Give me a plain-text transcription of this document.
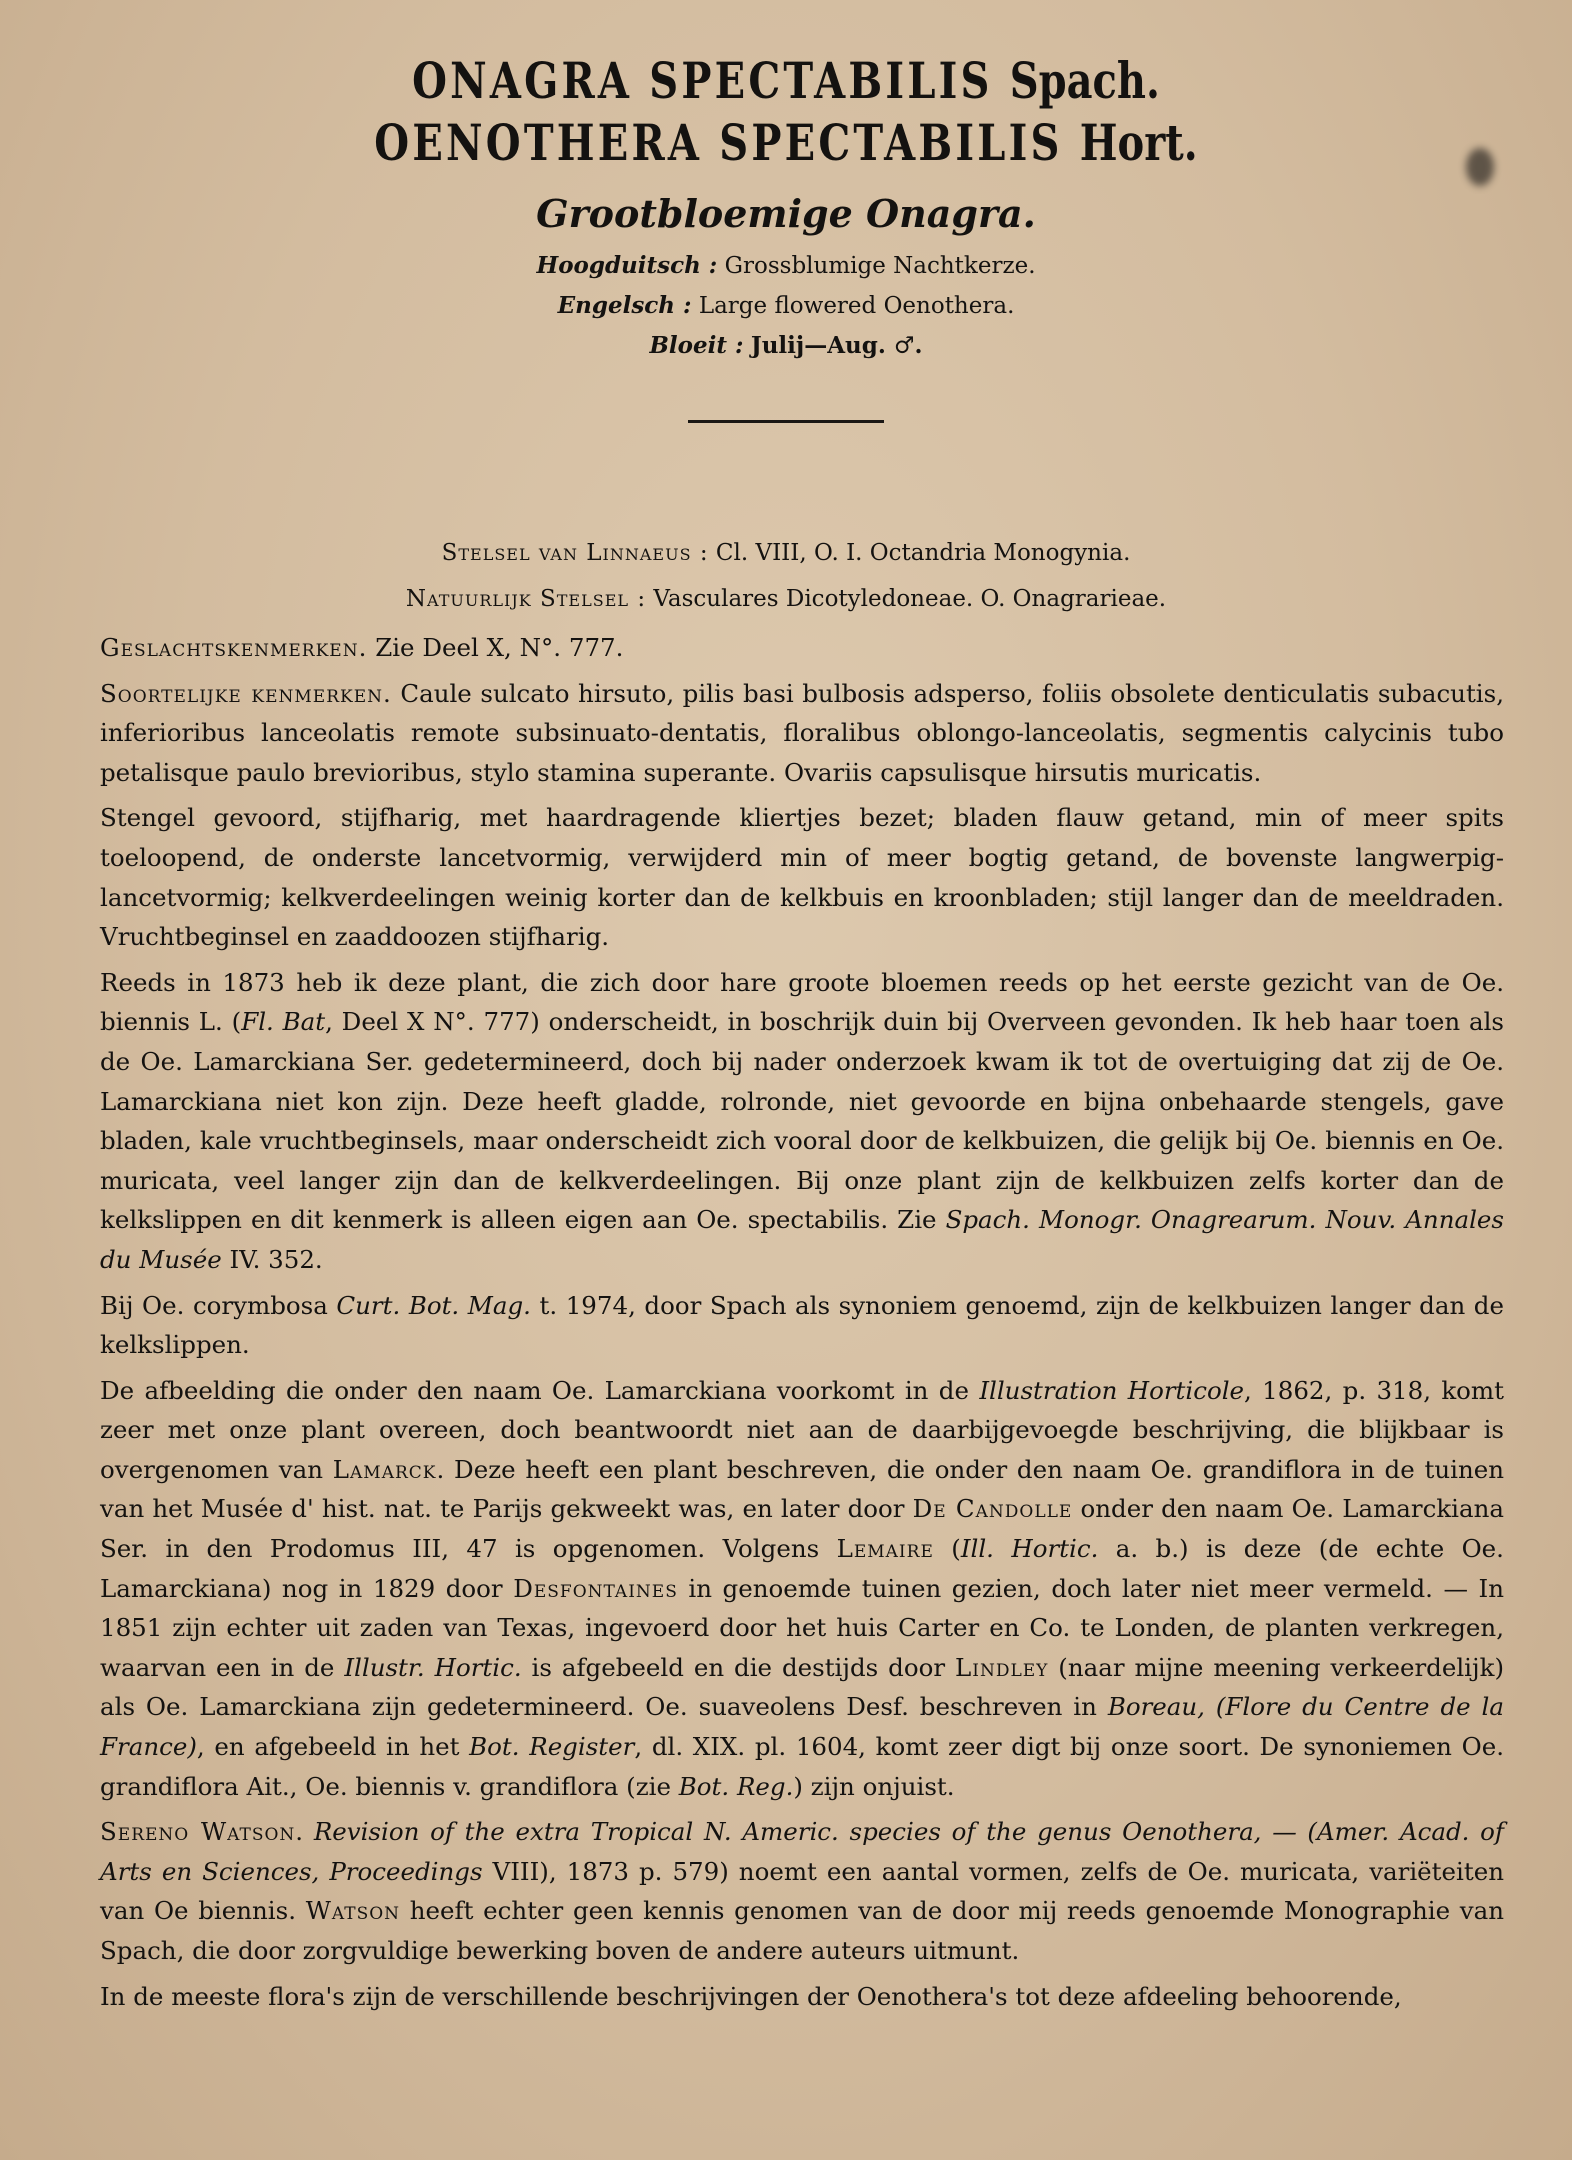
ONAGRA SPECTABILIS Spach.
OENOTHERA SPECTABILIS Hort.
Grootbloemige Onagra.
Hoogduitsch : Grossblumige Nachtkerze.
Engelsch : Large flowered Oenothera.
Bloeit : Julij—Aug. ♂.
Stelsel van Linnaeus : Cl. VIII, O. I. Octandria Monogynia.
Natuurlijk Stelsel : Vasculares Dicotyledoneae. O. Onagrarieae.

Geslachtskenmerken. Zie Deel X, N°. 777.

Soortelijke kenmerken. Caule sulcato hirsuto, pilis basi bulbosis adsperso, foliis obsolete denticulatis subacutis, inferioribus lanceolatis remote subsinuato-dentatis, floralibus oblongo-lanceolatis, segmentis calycinis tubo petalisque paulo brevioribus, stylo stamina superante. Ovariis capsulisque hirsutis muricatis.

Stengel gevoord, stijfharig, met haardragende kliertjes bezet; bladen flauw getand, min of meer spits toeloopend, de onderste lancetvormig, verwijderd min of meer bogtig getand, de bovenste langwerpig-lancetvormig; kelkverdeelingen weinig korter dan de kelkbuis en kroonbladen; stijl langer dan de meeldraden. Vruchtbeginsel en zaaddoozen stijfharig.

Reeds in 1873 heb ik deze plant, die zich door hare groote bloemen reeds op het eerste gezicht van de Oe. biennis L. (Fl. Bat, Deel X N°. 777) onderscheidt, in boschrijk duin bij Overveen gevonden. Ik heb haar toen als de Oe. Lamarckiana Ser. gedetermineerd, doch bij nader onderzoek kwam ik tot de overtuiging dat zij de Oe. Lamarckiana niet kon zijn. Deze heeft gladde, rolronde, niet gevoorde en bijna onbehaarde stengels, gave bladen, kale vruchtbeginsels, maar onderscheidt zich vooral door de kelkbuizen, die gelijk bij Oe. biennis en Oe. muricata, veel langer zijn dan de kelkverdeelingen. Bij onze plant zijn de kelkbuizen zelfs korter dan de kelkslippen en dit kenmerk is alleen eigen aan Oe. spectabilis. Zie Spach. Monogr. Onagrearum. Nouv. Annales du Musée IV. 352.

Bij Oe. corymbosa Curt. Bot. Mag. t. 1974, door Spach als synoniem genoemd, zijn de kelkbuizen langer dan de kelkslippen.

De afbeelding die onder den naam Oe. Lamarckiana voorkomt in de Illustration Horticole, 1862, p. 318, komt zeer met onze plant overeen, doch beantwoordt niet aan de daarbijgevoegde beschrijving, die blijkbaar is overgenomen van Lamarck. Deze heeft een plant beschreven, die onder den naam Oe. grandiflora in de tuinen van het Musée d' hist. nat. te Parijs gekweekt was, en later door De Candolle onder den naam Oe. Lamarckiana Ser. in den Prodomus III, 47 is opgenomen. Volgens Lemaire (Ill. Hortic. a. b.) is deze (de echte Oe. Lamarckiana) nog in 1829 door Desfontaines in genoemde tuinen gezien, doch later niet meer vermeld. — In 1851 zijn echter uit zaden van Texas, ingevoerd door het huis Carter en Co. te Londen, de planten verkregen, waarvan een in de Illustr. Hortic. is afgebeeld en die destijds door Lindley (naar mijne meening verkeerdelijk) als Oe. Lamarckiana zijn gedetermineerd. Oe. suaveolens Desf. beschreven in Boreau, (Flore du Centre de la France), en afgebeeld in het Bot. Register, dl. XIX. pl. 1604, komt zeer digt bij onze soort. De synoniemen Oe. grandiflora Ait., Oe. biennis v. grandiflora (zie Bot. Reg.) zijn onjuist.

Sereno Watson. Revision of the extra Tropical N. Americ. species of the genus Oenothera, — (Amer. Acad. of Arts en Sciences, Proceedings VIII), 1873 p. 579) noemt een aantal vormen, zelfs de Oe. muricata, variëteiten van Oe biennis. Watson heeft echter geen kennis genomen van de door mij reeds genoemde Monographie van Spach, die door zorgvuldige bewerking boven de andere auteurs uitmunt.

In de meeste flora's zijn de verschillende beschrijvingen der Oenothera's tot deze afdeeling behoorende,
